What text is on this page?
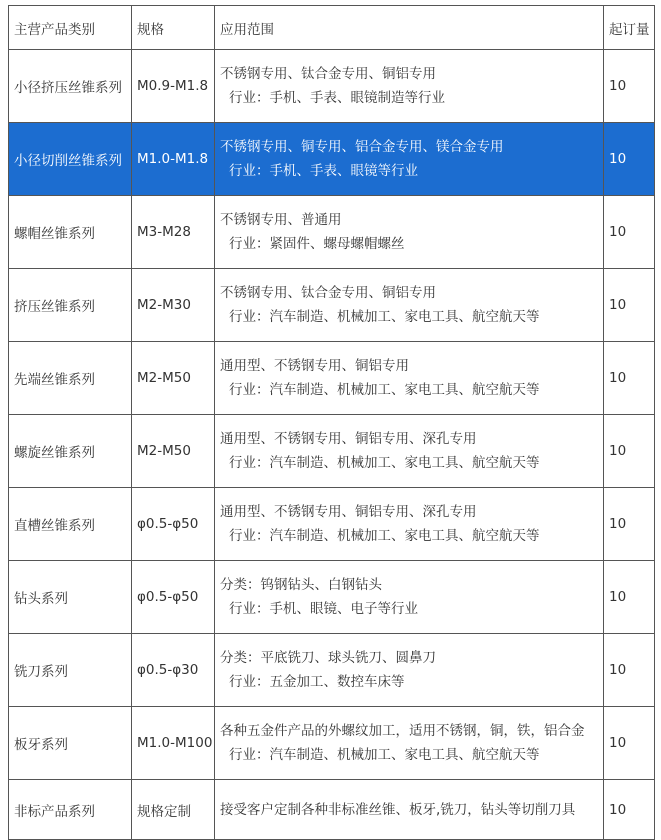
主营产品类别	规格	应用范围	起订量
小径挤压丝锥系列	M0.9-M1.8	不锈钢专用、钛合金专用、铜铝专用
行业：手机、手表、眼镜制造等行业	10
小径切削丝锥系列	M1.0-M1.8	不锈钢专用、铜专用、铝合金专用、镁合金专用
行业：手机、手表、眼镜等行业	10
螺帽丝锥系列	M3-M28	不锈钢专用、普通用
行业：紧固件、螺母螺帽螺丝	10
挤压丝锥系列	M2-M30	不锈钢专用、钛合金专用、铜铝专用
行业：汽车制造、机械加工、家电工具、航空航天等	10
先端丝锥系列	M2-M50	通用型、不锈钢专用、铜铝专用
行业：汽车制造、机械加工、家电工具、航空航天等	10
螺旋丝锥系列	M2-M50	通用型、不锈钢专用、铜铝专用、深孔专用
行业：汽车制造、机械加工、家电工具、航空航天等	10
直槽丝锥系列	φ0.5-φ50	通用型、不锈钢专用、铜铝专用、深孔专用
行业：汽车制造、机械加工、家电工具、航空航天等	10
钻头系列	φ0.5-φ50	分类：钨钢钻头、白钢钻头
行业：手机、眼镜、电子等行业	10
铣刀系列	φ0.5-φ30	分类：平底铣刀、球头铣刀、圆鼻刀
行业：五金加工、数控车床等	10
板牙系列	M1.0-M100	各种五金件产品的外螺纹加工，适用不锈钢，铜，铁，铝合金
行业：汽车制造、机械加工、家电工具、航空航天等	10
非标产品系列	规格定制	接受客户定制各种非标准丝锥、板牙,铣刀，钻头等切削刀具	10
